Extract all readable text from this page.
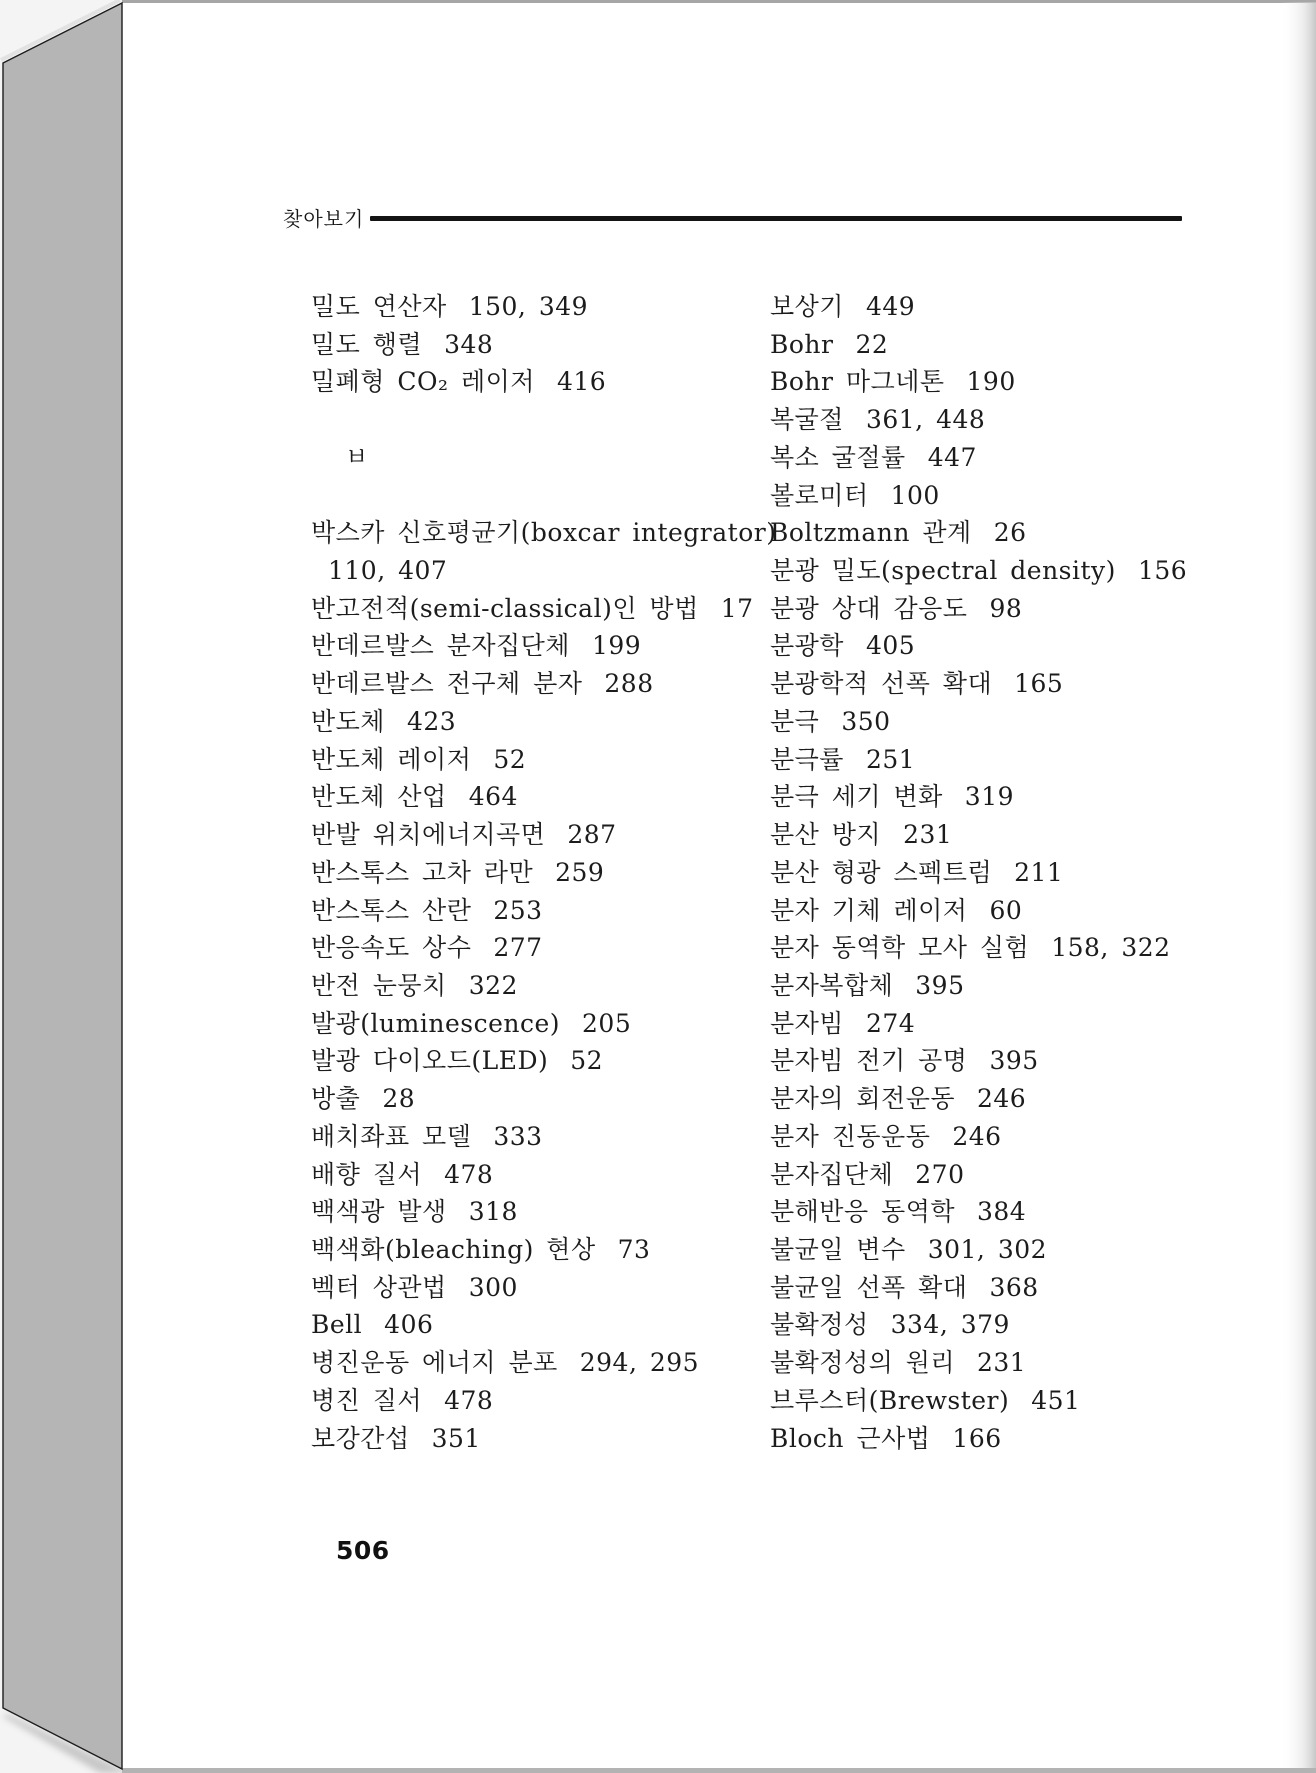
찾아보기
밀도 연산자 150, 349
밀도 행렬 348
밀폐형 CO₂ 레이저 416
ㅂ
박스카 신호평균기(boxcar integrator)
110, 407
반고전적(semi-classical)인 방법 17
반데르발스 분자집단체 199
반데르발스 전구체 분자 288
반도체 423
반도체 레이저 52
반도체 산업 464
반발 위치에너지곡면 287
반스톡스 고차 라만 259
반스톡스 산란 253
반응속도 상수 277
반전 눈뭉치 322
발광(luminescence) 205
발광 다이오드(LED) 52
방출 28
배치좌표 모델 333
배향 질서 478
백색광 발생 318
백색화(bleaching) 현상 73
벡터 상관법 300
Bell 406
병진운동 에너지 분포 294, 295
병진 질서 478
보강간섭 351
보상기 449
Bohr 22
Bohr 마그네톤 190
복굴절 361, 448
복소 굴절률 447
볼로미터 100
Boltzmann 관계 26
분광 밀도(spectral density) 156
분광 상대 감응도 98
분광학 405
분광학적 선폭 확대 165
분극 350
분극률 251
분극 세기 변화 319
분산 방지 231
분산 형광 스펙트럼 211
분자 기체 레이저 60
분자 동역학 모사 실험 158, 322
분자복합체 395
분자빔 274
분자빔 전기 공명 395
분자의 회전운동 246
분자 진동운동 246
분자집단체 270
분해반응 동역학 384
불균일 변수 301, 302
불균일 선폭 확대 368
불확정성 334, 379
불확정성의 원리 231
브루스터(Brewster) 451
Bloch 근사법 166
506
